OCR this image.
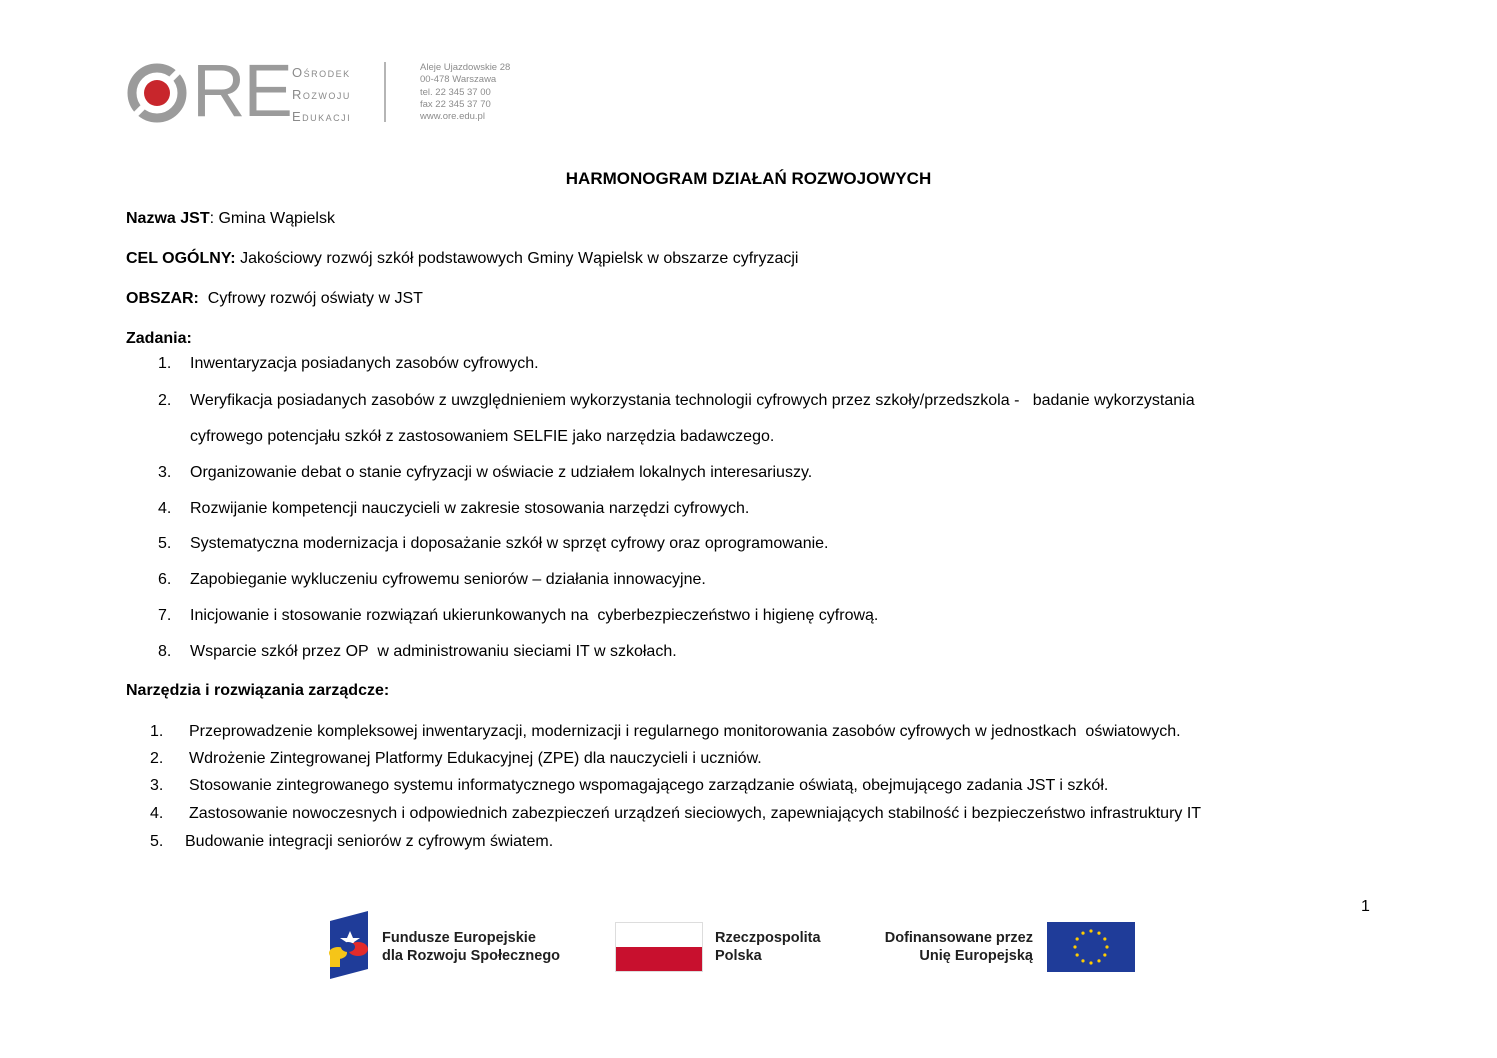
RE Ośrodek
Rozwoju
Edukacji
Aleje Ujazdowskie 28
00-478 Warszawa
tel. 22 345 37 00
fax 22 345 37 70
www.ore.edu.pl
HARMONOGRAM DZIAŁAŃ ROZWOJOWYCH
Nazwa JST: Gmina Wąpielsk
CEL OGÓLNY: Jakościowy rozwój szkół podstawowych Gminy Wąpielsk w obszarze cyfryzacji
OBSZAR: Cyfrowy rozwój oświaty w JST
Zadania:
1. Inwentaryzacja posiadanych zasobów cyfrowych.
2. Weryfikacja posiadanych zasobów z uwzględnieniem wykorzystania technologii cyfrowych przez szkoły/przedszkola -   badanie wykorzystania
cyfrowego potencjału szkół z zastosowaniem SELFIE jako narzędzia badawczego.
3. Organizowanie debat o stanie cyfryzacji w oświacie z udziałem lokalnych interesariuszy.
4. Rozwijanie kompetencji nauczycieli w zakresie stosowania narzędzi cyfrowych.
5. Systematyczna modernizacja i doposażanie szkół w sprzęt cyfrowy oraz oprogramowanie.
6. Zapobieganie wykluczeniu cyfrowemu seniorów – działania innowacyjne.
7. Inicjowanie i stosowanie rozwiązań ukierunkowanych na  cyberbezpieczeństwo i higienę cyfrową.
8. Wsparcie szkół przez OP  w administrowaniu sieciami IT w szkołach.
Narzędzia i rozwiązania zarządcze:
1. Przeprowadzenie kompleksowej inwentaryzacji, modernizacji i regularnego monitorowania zasobów cyfrowych w jednostkach  oświatowych.
2. Wdrożenie Zintegrowanej Platformy Edukacyjnej (ZPE) dla nauczycieli i uczniów.
3. Stosowanie zintegrowanego systemu informatycznego wspomagającego zarządzanie oświatą, obejmującego zadania JST i szkół.
4. Zastosowanie nowoczesnych i odpowiednich zabezpieczeń urządzeń sieciowych, zapewniających stabilność i bezpieczeństwo infrastruktury IT
5. Budowanie integracji seniorów z cyfrowym światem.
1
Fundusze Europejskie
dla Rozwoju Społecznego
Rzeczpospolita
Polska
Dofinansowane przez
Unię Europejską
